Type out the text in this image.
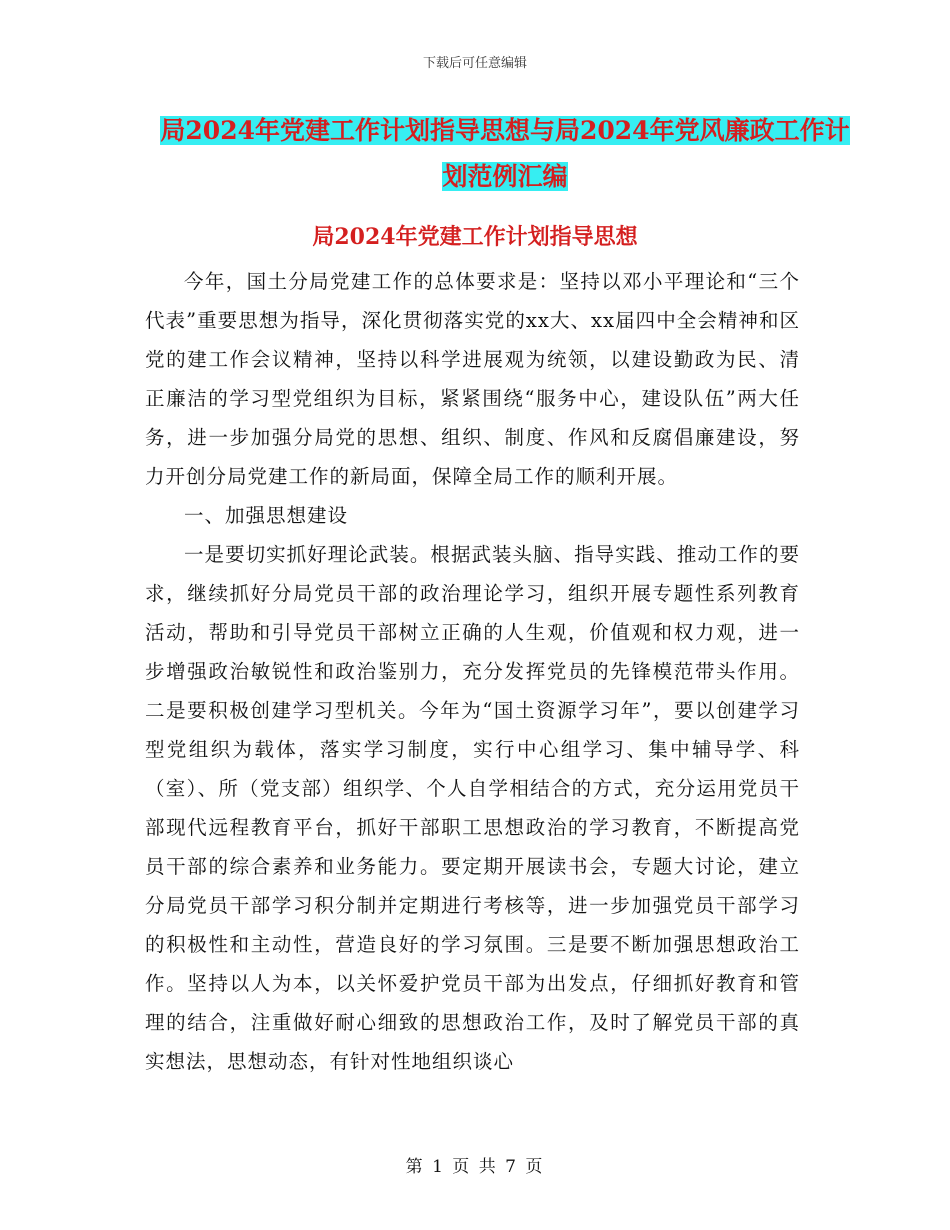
下载后可任意编辑
局2024年党建工作计划指导思想与局2024年党风廉政工作计划范例汇编
局2024年党建工作计划指导思想

今年，国土分局党建工作的总体要求是：坚持以邓小平理论和“三个代表”重要思想为指导，深化贯彻落实党的xx大、xx届四中全会精神和区党的建工作会议精神，坚持以科学进展观为统领，以建设勤政为民、清正廉洁的学习型党组织为目标，紧紧围绕“服务中心，建设队伍”两大任务，进一步加强分局党的思想、组织、制度、作风和反腐倡廉建设，努力开创分局党建工作的新局面，保障全局工作的顺利开展。

一、加强思想建设

一是要切实抓好理论武装。根据武装头脑、指导实践、推动工作的要求，继续抓好分局党员干部的政治理论学习，组织开展专题性系列教育活动，帮助和引导党员干部树立正确的人生观，价值观和权力观，进一步增强政治敏锐性和政治鉴别力，充分发挥党员的先锋模范带头作用。二是要积极创建学习型机关。今年为“国土资源学习年”，要以创建学习型党组织为载体，落实学习制度，实行中心组学习、集中辅导学、科（室）、所（党支部）组织学、个人自学相结合的方式，充分运用党员干部现代远程教育平台，抓好干部职工思想政治的学习教育，不断提高党员干部的综合素养和业务能力。要定期开展读书会，专题大讨论，建立分局党员干部学习积分制并定期进行考核等，进一步加强党员干部学习的积极性和主动性，营造良好的学习氛围。三是要不断加强思想政治工作。坚持以人为本，以关怀爱护党员干部为出发点，仔细抓好教育和管理的结合，注重做好耐心细致的思想政治工作，及时了解党员干部的真实想法，思想动态，有针对性地组织谈心

第 1 页 共 7 页
